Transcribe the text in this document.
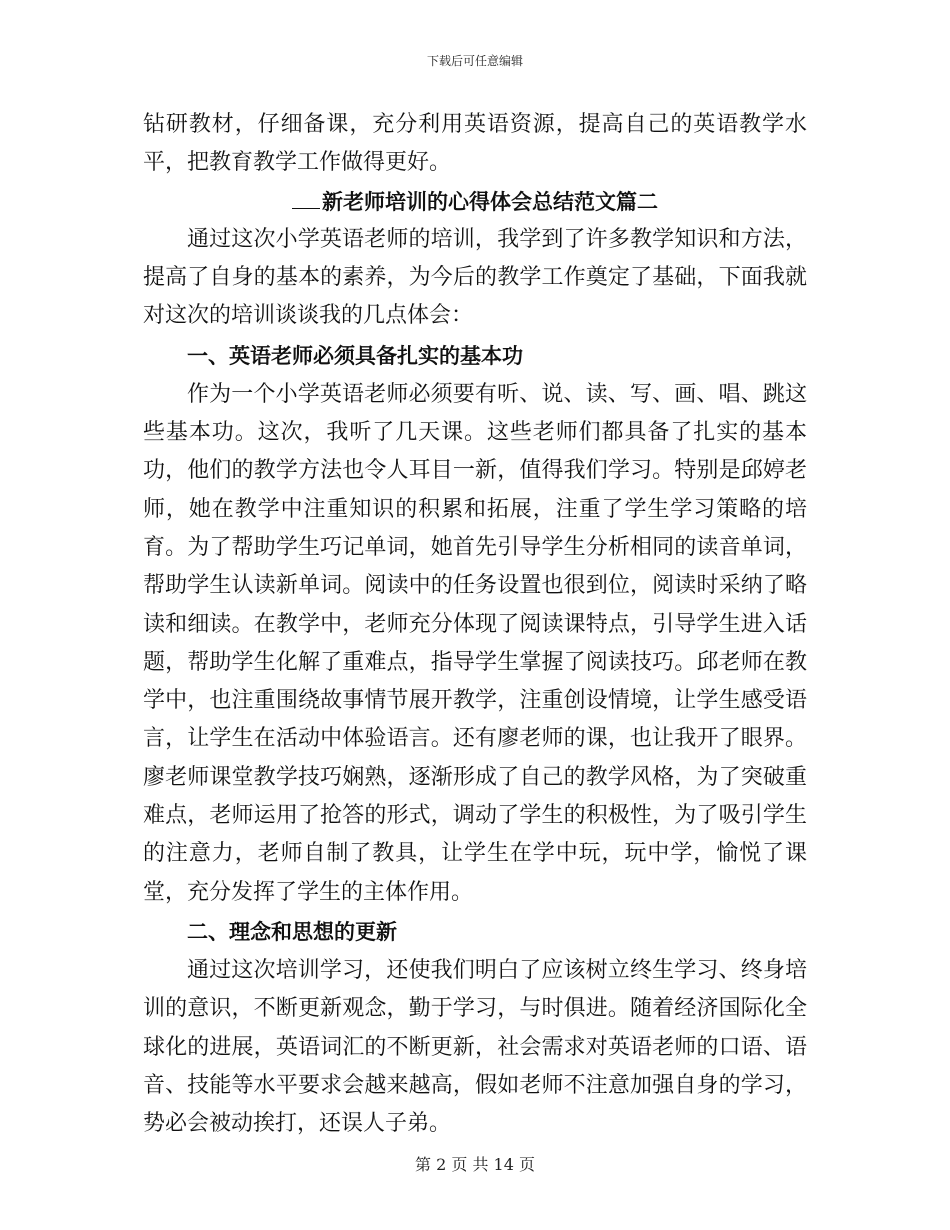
下载后可任意编辑

钻研教材，仔细备课，充分利用英语资源，提高自己的英语教学水平，把教育教学工作做得更好。

新老师培训的心得体会总结范文篇二

通过这次小学英语老师的培训，我学到了许多教学知识和方法，提高了自身的基本的素养，为今后的教学工作奠定了基础，下面我就对这次的培训谈谈我的几点体会：

一、英语老师必须具备扎实的基本功

作为一个小学英语老师必须要有听、说、读、写、画、唱、跳这些基本功。这次，我听了几天课。这些老师们都具备了扎实的基本功，他们的教学方法也令人耳目一新，值得我们学习。特别是邱婷老师，她在教学中注重知识的积累和拓展，注重了学生学习策略的培育。为了帮助学生巧记单词，她首先引导学生分析相同的读音单词，帮助学生认读新单词。阅读中的任务设置也很到位，阅读时采纳了略读和细读。在教学中，老师充分体现了阅读课特点，引导学生进入话题，帮助学生化解了重难点，指导学生掌握了阅读技巧。邱老师在教学中，也注重围绕故事情节展开教学，注重创设情境，让学生感受语言，让学生在活动中体验语言。还有廖老师的课，也让我开了眼界。廖老师课堂教学技巧娴熟，逐渐形成了自己的教学风格，为了突破重难点，老师运用了抢答的形式，调动了学生的积极性，为了吸引学生的注意力，老师自制了教具，让学生在学中玩，玩中学，愉悦了课堂，充分发挥了学生的主体作用。

二、理念和思想的更新

通过这次培训学习，还使我们明白了应该树立终生学习、终身培训的意识，不断更新观念，勤于学习，与时俱进。随着经济国际化全球化的进展，英语词汇的不断更新，社会需求对英语老师的口语、语音、技能等水平要求会越来越高，假如老师不注意加强自身的学习，势必会被动挨打，还误人子弟。

第 2 页 共 14 页
